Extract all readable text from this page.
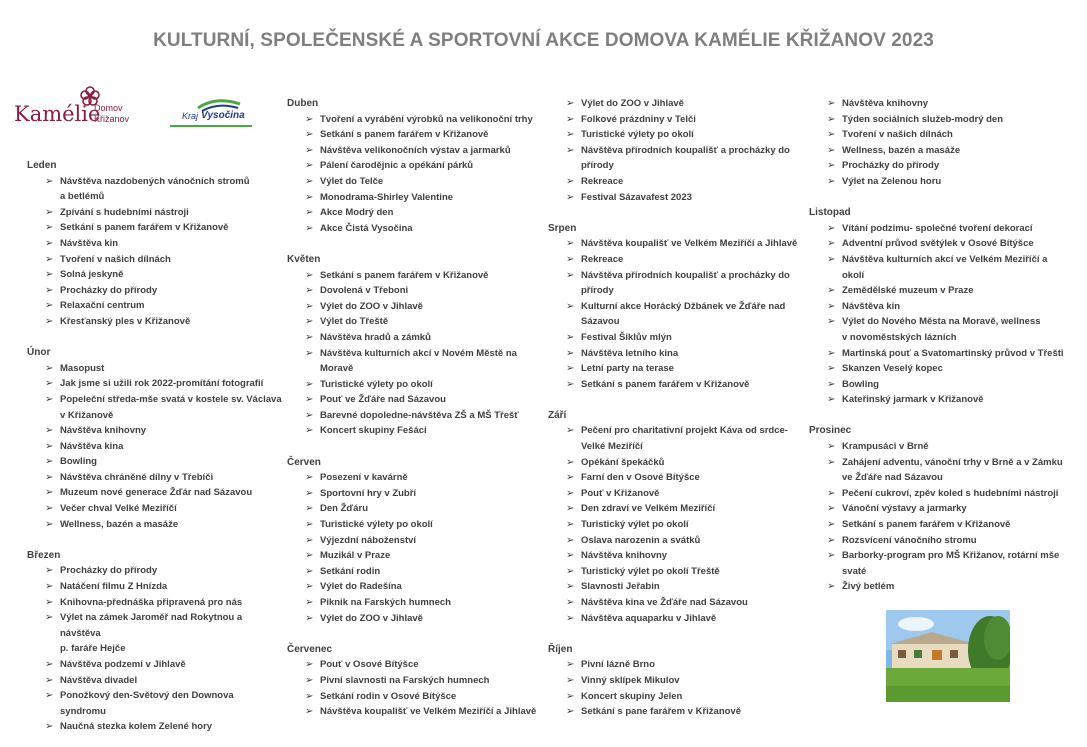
KULTURNÍ, SPOLEČENSKÉ A SPORTOVNÍ AKCE DOMOVA KAMÉLIE KŘIŽANOV 2023
Kamélie
Domov
Křižanov	Kraj Vysočina
Leden
➢ Návštěva nazdobených vánočních stromů
a betlémů
➢ Zpívání s hudebními nástroji
➢ Setkání s panem farářem v Křižanově
➢ Návštěva kin
➢ Tvoření v našich dílnách
➢ Solná jeskyně
➢ Procházky do přírody
➢ Relaxační centrum
➢ Křesťanský ples v Křižanově
Únor
➢ Masopust
➢ Jak jsme si užili rok 2022-promítání fotografií
➢ Popeleční středa-mše svatá v kostele sv. Václava
v Křižanově
➢ Návštěva knihovny
➢ Návštěva kina
➢ Bowling
➢ Návštěva chráněné dílny v Třebíči
➢ Muzeum nové generace Žďár nad Sázavou
➢ Večer chval Velké Meziříčí
➢ Wellness, bazén a masáže
Březen
➢ Procházky do přírody
➢ Natáčení filmu Z Hnízda
➢ Knihovna-přednáška připravená pro nás
➢ Výlet na zámek Jaroměř nad Rokytnou a návštěva
p. faráře Hejče
➢ Návštěva podzemí v Jihlavě
➢ Návštěva divadel
➢ Ponožkový den-Světový den Downova syndromu
➢ Naučná stezka kolem Zelené hory
Duben
➢ Tvoření a vyrábění výrobků na velikonoční trhy
➢ Setkání s panem farářem v Křižanově
➢ Návštěva velikonočních výstav a jarmarků
➢ Pálení čarodějnic a opékání párků
➢ Výlet do Telče
➢ Monodrama-Shirley Valentine
➢ Akce Modrý den
➢ Akce Čistá Vysočina
Květen
➢ Setkání s panem farářem v Křižanově
➢ Dovolená v Třeboni
➢ Výlet do ZOO v Jihlavě
➢ Výlet do Třeště
➢ Návštěva hradů a zámků
➢ Návštěva kulturních akcí v Novém Městě na
Moravě
➢ Turistické výlety po okolí
➢ Pouť ve Žďáře nad Sázavou
➢ Barevné dopoledne-návštěva ZŠ a MŠ Třešť
➢ Koncert skupiny Fešáci
Červen
➢ Posezení v kavárně
➢ Sportovní hry v Zubří
➢ Den Žďáru
➢ Turistické výlety po okolí
➢ Výjezdní náboženství
➢ Muzikál v Praze
➢ Setkání rodin
➢ Výlet do Radešína
➢ Piknik na Farských humnech
➢ Výlet do ZOO v Jihlavě
Červenec
➢ Pouť v Osové Bítýšce
➢ Pivní slavnosti na Farských humnech
➢ Setkání rodin v Osové Bítýšce
➢ Návštěva koupališť ve Velkém Meziříčí a Jihlavě
➢ Výlet do ZOO v Jihlavě
➢ Folkové prázdniny v Telči
➢ Turistické výlety po okolí
➢ Návštěva přírodních koupališť a procházky do
přírody
➢ Rekreace
➢ Festival Sázavafest 2023
Srpen
➢ Návštěva koupališť ve Velkém Meziříčí a Jihlavě
➢ Rekreace
➢ Návštěva přírodních koupališť a procházky do
přírody
➢ Kulturní akce Horácký Džbánek ve Žďáře nad
Sázavou
➢ Festival Šiklův mlýn
➢ Návštěva letního kina
➢ Letní party na terase
➢ Setkání s panem farářem v Křižanově
Září
➢ Pečení pro charitativní projekt Káva od srdce-
Velké Meziříčí
➢ Opékání špekáčků
➢ Farní den v Osové Bítýšce
➢ Pouť v Křižanově
➢ Den zdraví ve Velkém Meziříčí
➢ Turistický výlet po okolí
➢ Oslava narozenin a svátků
➢ Návštěva knihovny
➢ Turistický výlet po okolí Třeště
➢ Slavnosti Jeřabin
➢ Návštěva kina ve Žďáře nad Sázavou
➢ Návštěva aquaparku v Jihlavě
Říjen
➢ Pivní lázně Brno
➢ Vinný sklípek Mikulov
➢ Koncert skupiny Jelen
➢ Setkání s pane farářem v Křižanově
➢ Návštěva knihovny
➢ Týden sociálních služeb-modrý den
➢ Tvoření v našich dílnách
➢ Wellness, bazén a masáže
➢ Procházky do přírody
➢ Výlet na Zelenou horu
Listopad
➢ Vítání podzimu- společné tvoření dekorací
➢ Adventní průvod světýlek v Osové Bítýšce
➢ Návštěva kulturních akcí ve Velkém Meziříčí a
okolí
➢ Zemědělské muzeum v Praze
➢ Návštěva kin
➢ Výlet do Nového Města na Moravě, wellness
v novoměstských lázních
➢ Martinská pouť a Svatomartinský průvod v Třešti
➢ Skanzen Veselý kopec
➢ Bowling
➢ Kateřinský jarmark v Křižanově
Prosinec
➢ Krampusáci v Brně
➢ Zahájení adventu, vánoční trhy v Brně a v Zámku
ve Žďáře nad Sázavou
➢ Pečení cukroví, zpěv koled s hudebními nástroji
➢ Vánoční výstavy a jarmarky
➢ Setkání s panem farářem v Křižanově
➢ Rozsvícení vánočního stromu
➢ Barborky-program pro MŠ Křižanov, rotární mše
svaté
➢ Živý betlém
